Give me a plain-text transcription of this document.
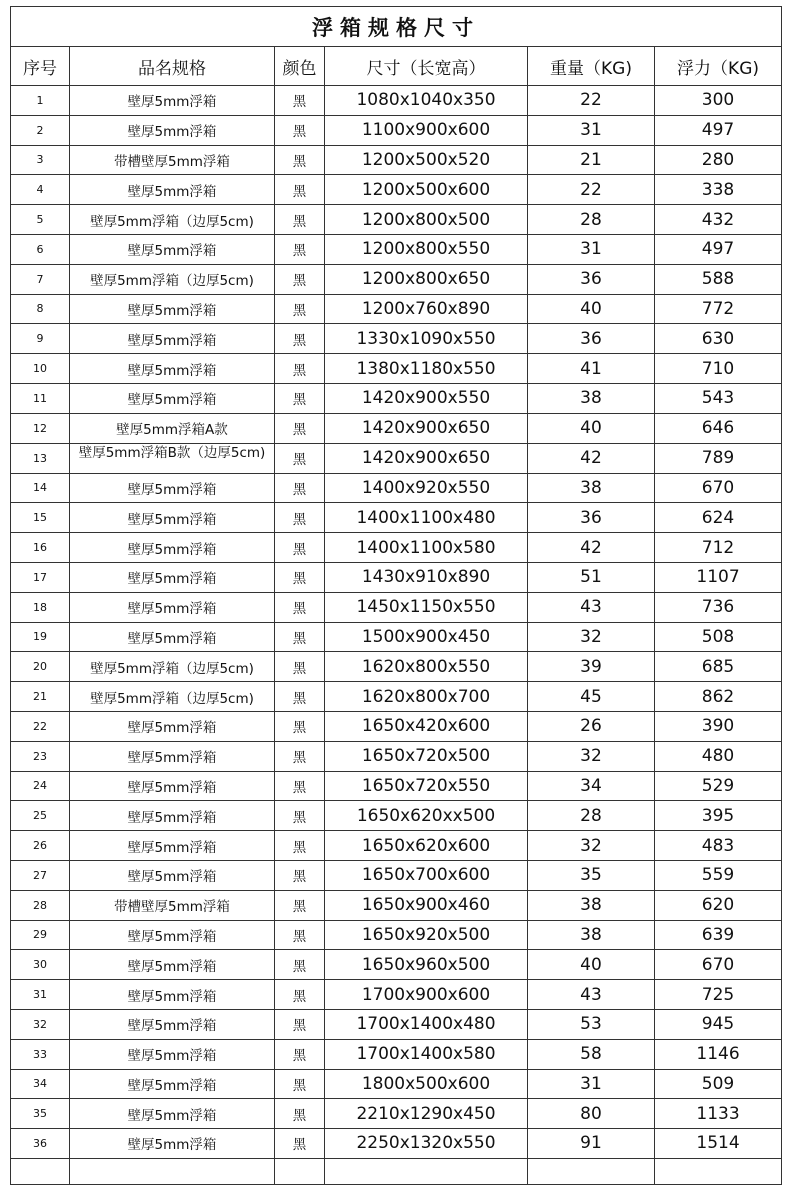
浮箱规格尺寸					
序号	品名规格	颜色	尺寸（长宽高）	重量（KG)	浮力（KG)
1	壁厚5mm浮箱	黑	1080x1040x350	22	300
2	壁厚5mm浮箱	黑	1100x900x600	31	497
3	带槽壁厚5mm浮箱	黑	1200x500x520	21	280
4	壁厚5mm浮箱	黑	1200x500x600	22	338
5	壁厚5mm浮箱（边厚5cm)	黑	1200x800x500	28	432
6	壁厚5mm浮箱	黑	1200x800x550	31	497
7	壁厚5mm浮箱（边厚5cm)	黑	1200x800x650	36	588
8	壁厚5mm浮箱	黑	1200x760x890	40	772
9	壁厚5mm浮箱	黑	1330x1090x550	36	630
10	壁厚5mm浮箱	黑	1380x1180x550	41	710
11	壁厚5mm浮箱	黑	1420x900x550	38	543
12	壁厚5mm浮箱A款	黑	1420x900x650	40	646
13	壁厚5mm浮箱B款（边厚5cm)	黑	1420x900x650	42	789
14	壁厚5mm浮箱	黑	1400x920x550	38	670
15	壁厚5mm浮箱	黑	1400x1100x480	36	624
16	壁厚5mm浮箱	黑	1400x1100x580	42	712
17	壁厚5mm浮箱	黑	1430x910x890	51	1107
18	壁厚5mm浮箱	黑	1450x1150x550	43	736
19	壁厚5mm浮箱	黑	1500x900x450	32	508
20	壁厚5mm浮箱（边厚5cm)	黑	1620x800x550	39	685
21	壁厚5mm浮箱（边厚5cm)	黑	1620x800x700	45	862
22	壁厚5mm浮箱	黑	1650x420x600	26	390
23	壁厚5mm浮箱	黑	1650x720x500	32	480
24	壁厚5mm浮箱	黑	1650x720x550	34	529
25	壁厚5mm浮箱	黑	1650x620xx500	28	395
26	壁厚5mm浮箱	黑	1650x620x600	32	483
27	壁厚5mm浮箱	黑	1650x700x600	35	559
28	带槽壁厚5mm浮箱	黑	1650x900x460	38	620
29	壁厚5mm浮箱	黑	1650x920x500	38	639
30	壁厚5mm浮箱	黑	1650x960x500	40	670
31	壁厚5mm浮箱	黑	1700x900x600	43	725
32	壁厚5mm浮箱	黑	1700x1400x480	53	945
33	壁厚5mm浮箱	黑	1700x1400x580	58	1146
34	壁厚5mm浮箱	黑	1800x500x600	31	509
35	壁厚5mm浮箱	黑	2210x1290x450	80	1133
36	壁厚5mm浮箱	黑	2250x1320x550	91	1514
